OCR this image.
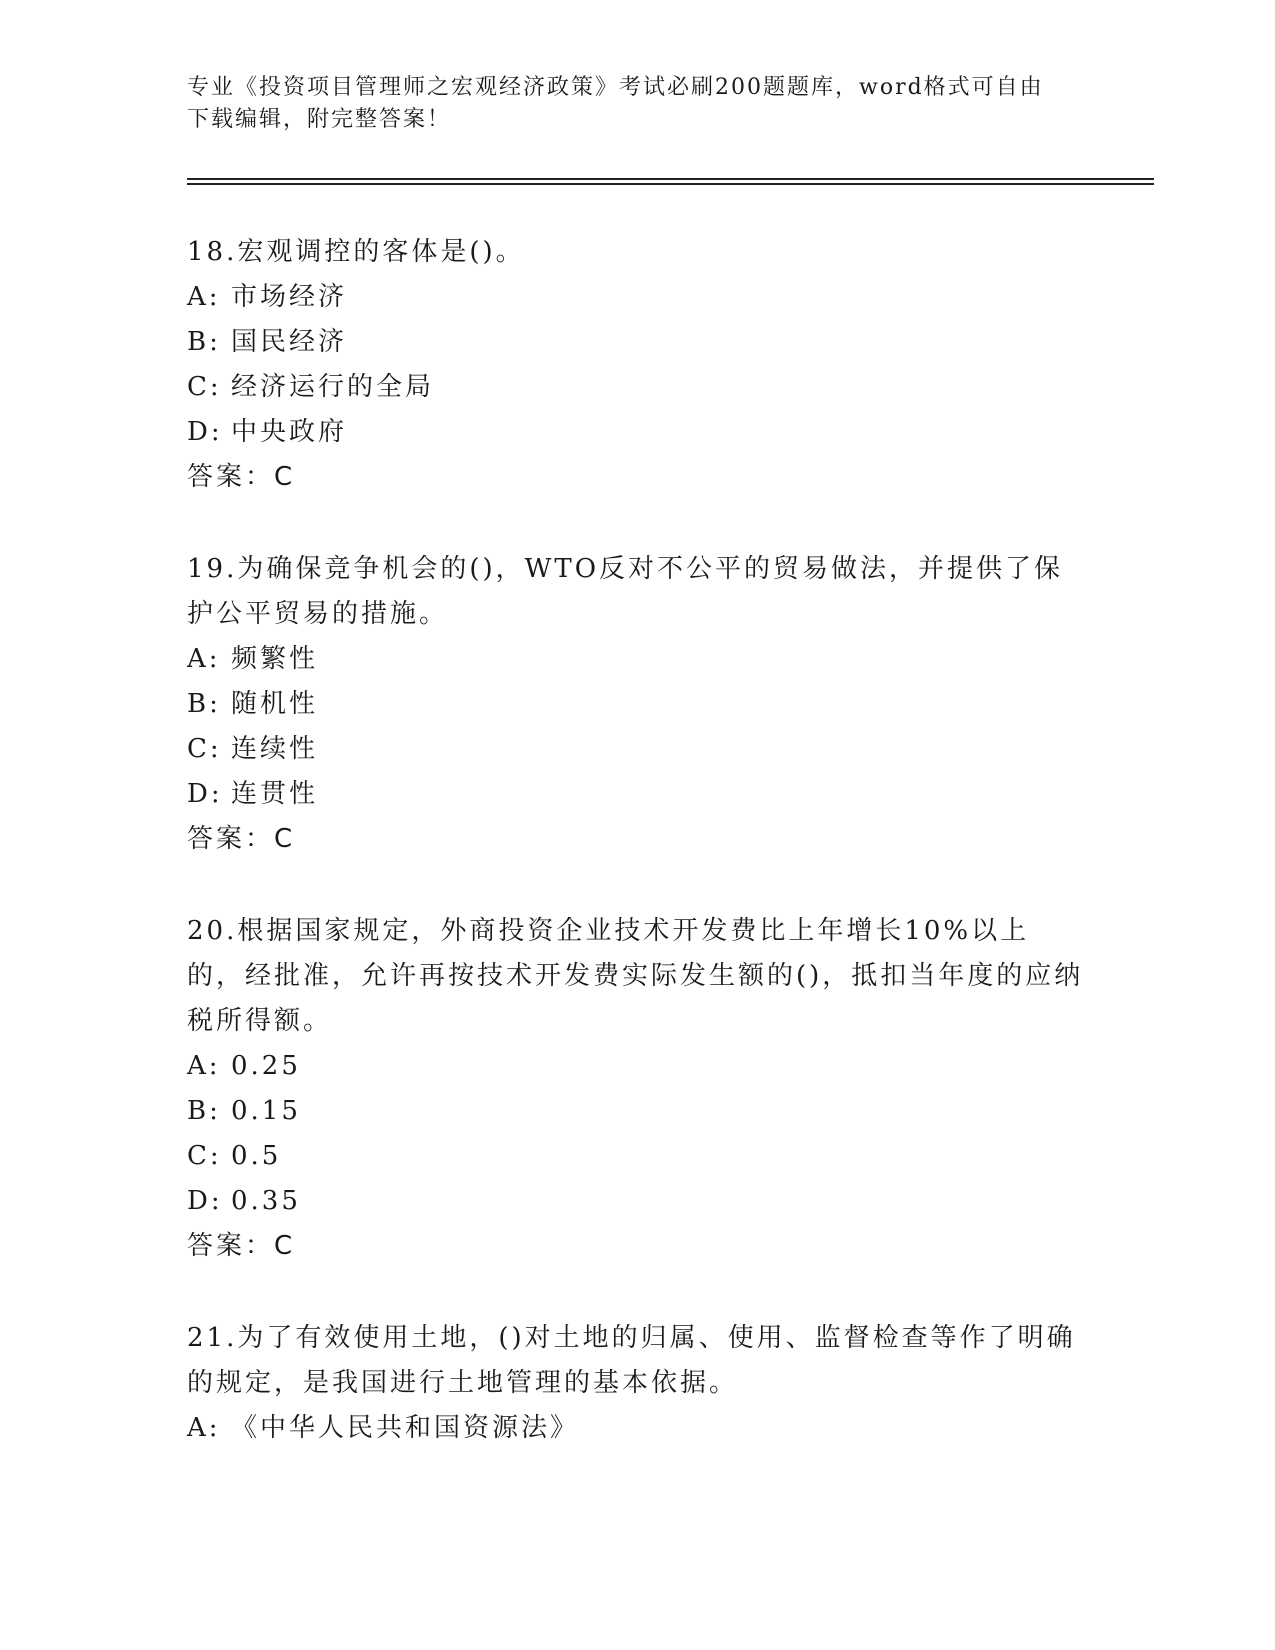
专业《投资项目管理师之宏观经济政策》考试必刷200题题库，word格式可自由下载编辑，附完整答案！
18.宏观调控的客体是()。
A: 市场经济
B: 国民经济
C: 经济运行的全局
D: 中央政府
答案：C
19.为确保竞争机会的()，WTO反对不公平的贸易做法，并提供了保护公平贸易的措施。
A: 频繁性
B: 随机性
C: 连续性
D: 连贯性
答案：C
20.根据国家规定，外商投资企业技术开发费比上年增长10%以上的，经批准，允许再按技术开发费实际发生额的()，抵扣当年度的应纳税所得额。
A: 0.25
B: 0.15
C: 0.5
D: 0.35
答案：C
21.为了有效使用土地，()对土地的归属、使用、监督检查等作了明确的规定，是我国进行土地管理的基本依据。
A: 《中华人民共和国资源法》
